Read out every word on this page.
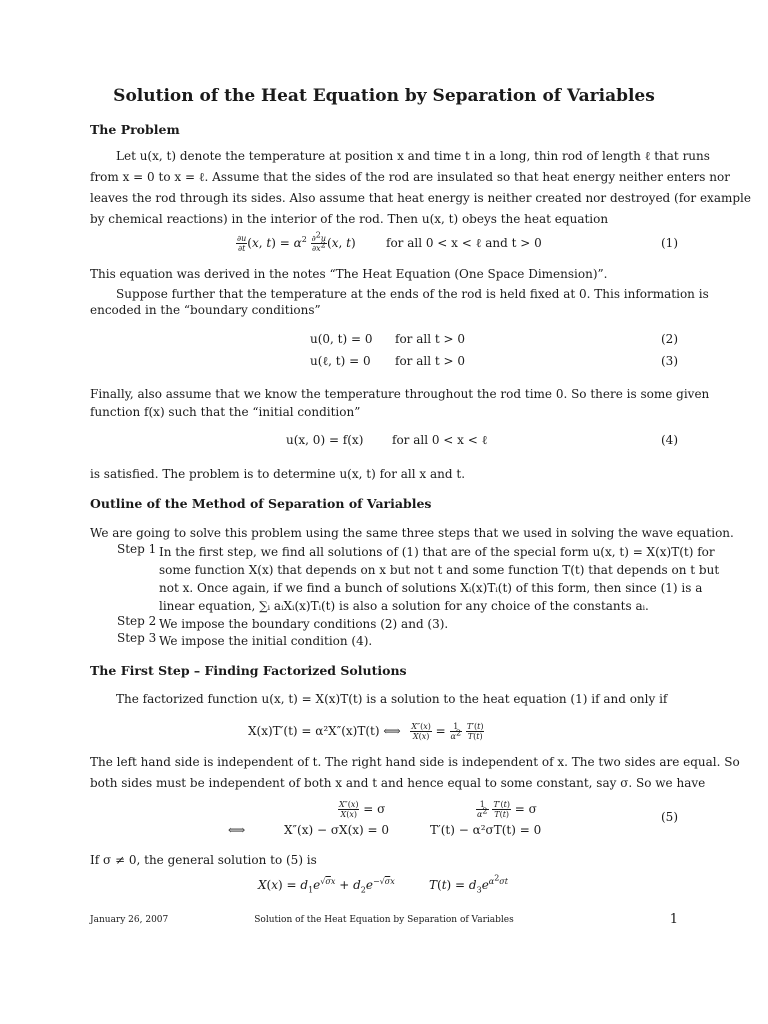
Solution of the Heat Equation by Separation of Variables
The Problem
Let u(x, t) denote the temperature at position x and time t in a long, thin rod of length ℓ that runs
from x = 0 to x = ℓ. Assume that the sides of the rod are insulated so that heat energy neither enters nor
leaves the rod through its sides. Also assume that heat energy is neither created nor destroyed (for example
by chemical reactions) in the interior of the rod. Then u(x, t) obeys the heat equation
$\frac{\partial u}{\partial t} (x$, $t) = \alpha^2 \frac{\partial^2u}{\partial x^2} (x$, t)	for all 0 < x < ℓ and t > 0	(1)
This equation was derived in the notes “The Heat Equation (One Space Dimension)”.
Suppose further that the temperature at the ends of the rod is held fixed at 0. This information is
encoded in the “boundary conditions”
u(0, t) = 0 for all t > 0	(2)
u(ℓ, t) = 0 for all t > 0	(3)
Finally, also assume that we know the temperature throughout the rod time 0. So there is some given
function f(x) such that the “initial condition”
u(x, 0) = f(x) for all 0 < x < ℓ	(4)
is satisfied. The problem is to determine u(x, t) for all x and t.
Outline of the Method of Separation of Variables
We are going to solve this problem using the same three steps that we used in solving the wave equation.
Step 1 In the first step, we find all solutions of (1) that are of the special form u(x, t) = X(x)T(t) for
some function X(x) that depends on x but not t and some function T(t) that depends on t but
not x. Once again, if we find a bunch of solutions Xᵢ(x)Tᵢ(t) of this form, then since (1) is a
linear equation, ∑ᵢ aᵢXᵢ(x)Tᵢ(t) is also a solution for any choice of the constants aᵢ.
Step 2 We impose the boundary conditions (2) and (3).
Step 3 We impose the initial condition (4).
The First Step – Finding Factorized Solutions
The factorized function u(x, t) = X(x)T(t) is a solution to the heat equation (1) if and only if
X(x)T′(t) = α²X″(x)T(t) ⟺ $\frac{X''(x)}{X(x)} = \frac{1}{\alpha^2}$
$\frac{T'(t)}{T(t)}$
The left hand side is independent of t. The right hand side is independent of x. The two sides are equal. So
both sides must be independent of both x and t and hence equal to some constant, say σ. So we have
$\frac{X''(x)}{X(x)} = \sigma$	$\frac{1}{\alpha^2}$
$\frac{T'(t)}{T(t)} = \sigma$
(5)
⟺	X″(x) − σX(x) = 0	T′(t) − α²σT(t) = 0
If σ ≠ 0, the general solution to (5) is
$X(x) = d_1e^{√\sigma x} + d_2e^{-√\sigma x}$	$T(t) = d_3e^{\alpha^2\sigma t}$
January 26, 2007	Solution of the Heat Equation by Separation of Variables	1
